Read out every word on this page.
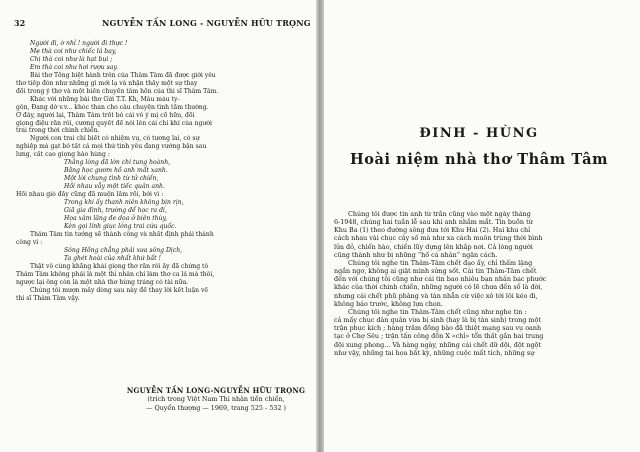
32	NGUYỄN TẤN LONG - NGUYỄN HỮU TRỌNG
Người đi, ờ nhỉ ! người đi thực !
Mẹ thà coi như chiếc lá bay,
Chị thà coi như là hạt bụi ;
Em thà coi như hơi rượu say.
Bài thơ Tống biệt hành trên của Thâm Tâm đã được giới yêu
thơ tiếp đón như những gì mới lạ và nhận thấy một sự thay
đổi trong ý thơ và một biến chuyển tâm hồn của thi sĩ Thâm Tâm.
Khác với những bài thơ Gửi T.T. Kh, Màu máu ty-
gôn, Đang dở v.v... khóc than cho câu chuyện tình tầm thường.
Ở đây, người lại, Thâm Tâm trốt bỏ cái vô ý mị cổ hữu, đổi
giọng điệu rắn rỏi, cương quyết để nói lên cái chí khí của người
trai trong thời chinh chiến.
Người con trai chỉ biết có nhiệm vụ, có tương lai, có sự
nghiệp mà gạt bỏ tất cả mọi thứ tình yêu đang vướng bận sau
lưng, cất cao giọng hào hùng :
Thắng lòng đã lớn chí tung hoành,
Bằng học gươm hồ anh mất xanh.
Một lời chung tình từ tử chiến,
Hồi nhau vẫy một tiếc quân anh.
Hồi nhau gió đầy cũng đã muộn lẫm rồi, bởi vì :
Trong khi ấy thanh niên không bịn rịn,
Giã gia đình, trường để học ra đi,
Họa xâm lăng đe dọa ở biên thùy,
Kèn gọi lính giục lòng trai cứu quốc.
Thâm Tâm tin tưởng sẽ thành công và nhất định phải thành
công vì :
Sông Hồng chẳng phải xưa sông Dịch,
Ta ghét hoài của nhất khứ bất !
Thật vô cùng khẳng khái giọng thơ rắn rỏi ấy đã chứng tỏ
Thâm Tâm không phải là một thi nhân chỉ làm thơ ca lả mà thôi,
ngược lại ông còn là một nhà thơ hùng tráng có tài nữa.
Chúng tôi mượn mấy dòng sau này để thay lời kết luận về
thi sĩ Thâm Tâm vậy.
NGUYỄN TẤN LONG-NGUYỄN HỮU TRỌNG
(trích trong Việt Nam Thi nhân tiền chiến,
— Quyển thượng — 1969, trang 525 - 532 )
ĐINH - HÙNG
Hoài niệm nhà thơ Thâm Tâm
Chúng tôi được tin anh từ trần cũng vào một ngày tháng
6-1948, chúng hai tuần lễ sau khi anh nhắm mắt. Tin buồn từ
Khu Ba (1) theo đường sông đưa tới Khu Hai (2). Hai khu chỉ
cách nhau vài chục cây số mà như xa cách muôn trùng thời bình
lửa đỏ, chiến hào, chiến lũy dựng lên khắp nơi. Cả lòng người
cũng thành như bị những “hố cá nhân” ngăn cách.
Chúng tôi nghe tin Thâm-Tâm chết đạo ấy, chỉ thấm lặng
ngắn ngơ, không ai giật mình sửng sốt. Cái tin Thâm-Tâm chết
đến với chúng tôi cũng như cái tin bao nhiêu bạn nhân bạc phước
khác của thời chinh chiến, những người có lẽ chưa đến số là đời,
nhưng cái chết phũ phàng và tàn nhẫn cứ việc xô tới lôi kéo đi,
không báo trước, không lựa chọn.
Chúng tôi nghe tin Thâm-Tâm chết cũng như nghe tin :
cả mấy chục dân quân vừa bị sinh (hay là bị tàn sinh) trong một
trận phục kích ; hàng trăm đồng bào đã thiệt mạng sau vụ oanh
tạc ở Chợ Sêu ; trận tấn công đồn X «chỉ» tổn thất gần hai trung
đội xung phong... Và hàng ngày, những cái chết dữ dội, đột ngột
như vậy, những tai họa bất kỳ, những cuộc mất tích, những sự
